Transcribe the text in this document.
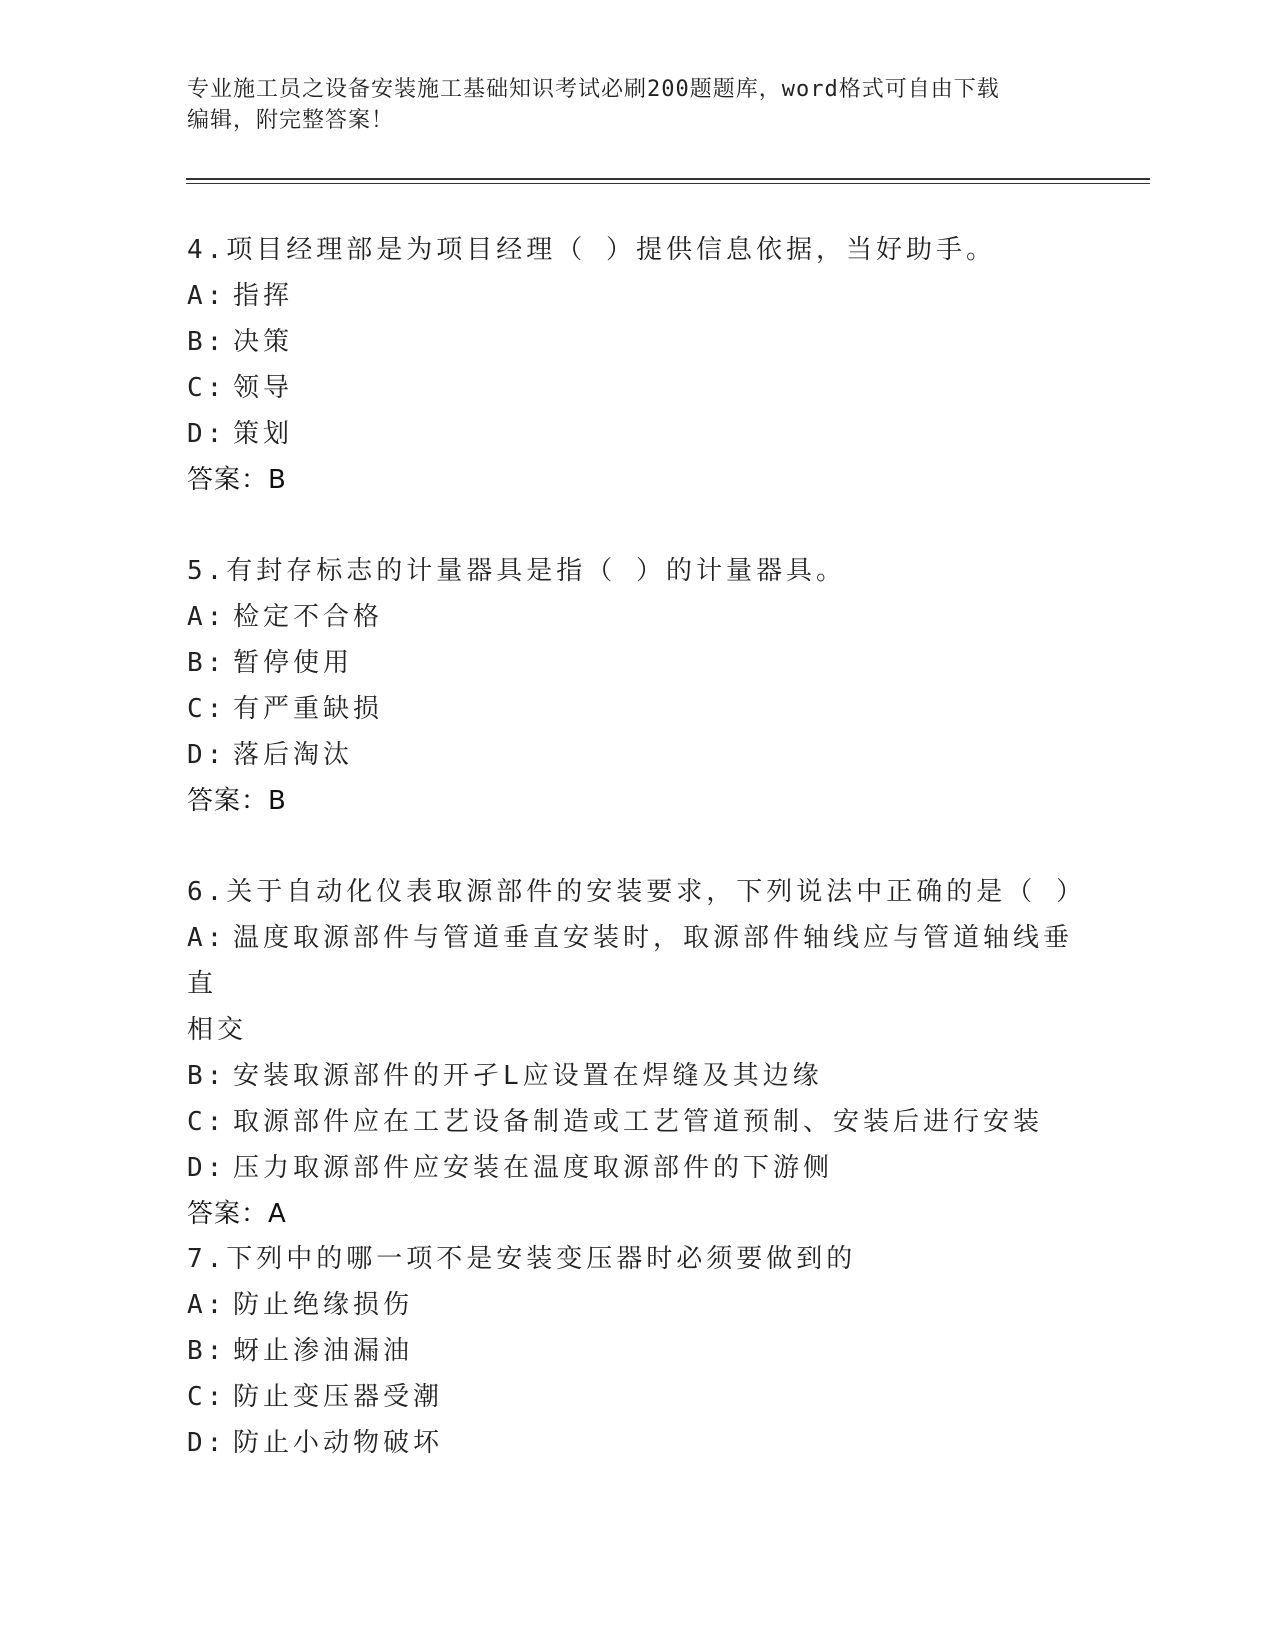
专业施工员之设备安装施工基础知识考试必刷200题题库，word格式可自由下载
编辑，附完整答案！
4.项目经理部是为项目经理（ ）提供信息依据，当好助手。
A: 指挥
B: 决策
C: 领导
D: 策划
答案：B
5.有封存标志的计量器具是指（ ）的计量器具。
A: 检定不合格
B: 暂停使用
C: 有严重缺损
D: 落后淘汰
答案：B
6.关于自动化仪表取源部件的安装要求，下列说法中正确的是（ ）
A: 温度取源部件与管道垂直安装时，取源部件轴线应与管道轴线垂直
相交
B: 安装取源部件的开孑L应设置在焊缝及其边缘
C: 取源部件应在工艺设备制造或工艺管道预制、安装后进行安装
D: 压力取源部件应安装在温度取源部件的下游侧
答案：A
7.下列中的哪一项不是安装变压器时必须要做到的
A: 防止绝缘损伤
B: 蚜止渗油漏油
C: 防止变压器受潮
D: 防止小动物破坏
